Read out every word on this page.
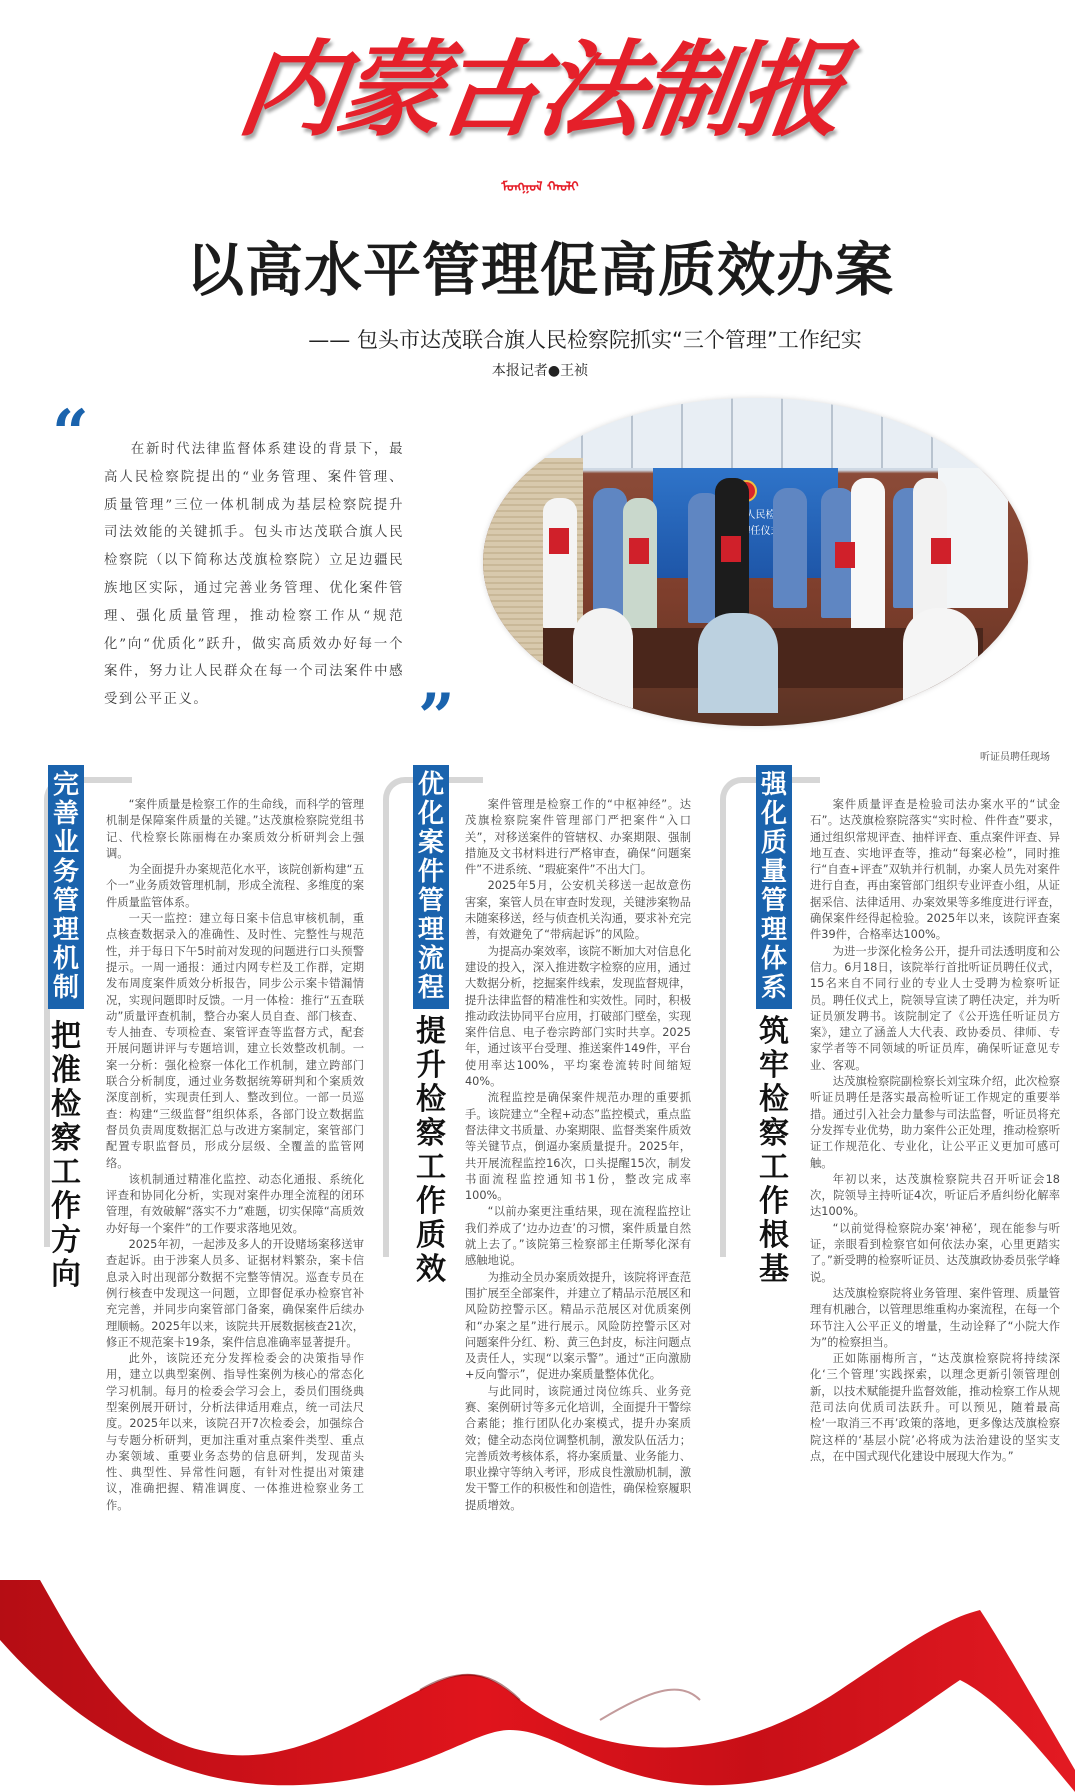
内蒙古法制报
ᠮᠣᠩᠭᠣᠯ ᠬᠠᠤᠯᠢ
以高水平管理促高质效办案
—— 包头市达茂联合旗人民检察院抓实“三个管理”工作纪实
本报记者●王祯
“	在新时代法律监督体系建设的背景下，最高人民检察院提出的“业务管理、案件管理、质量管理”三位一体机制成为基层检察院提升司法效能的关键抓手。包头市达茂联合旗人民检察院（以下简称达茂旗检察院）立足边疆民族地区实际，通过完善业务管理、优化案件管理、强化质量管理，推动检察工作从“规范化”向“优质化”跃升，做实高质效办好每一个案件，努力让人民群众在每一个司法案件中感受到公平正义。	”
听证员聘任现场
完善业务管理机制
把准检察工作方向

“案件质量是检察工作的生命线，而科学的管理机制是保障案件质量的关键。”达茂旗检察院党组书记、代检察长陈丽梅在办案质效分析研判会上强调。

为全面提升办案规范化水平，该院创新构建“五个一”业务质效管理机制，形成全流程、多维度的案件质量监管体系。

一天一监控：建立每日案卡信息审核机制，重点核查数据录入的准确性、及时性、完整性与规范性，并于每日下午5时前对发现的问题进行口头预警提示。一周一通报：通过内网专栏及工作群，定期发布周度案件质效分析报告，同步公示案卡错漏情况，实现问题即时反馈。一月一体检：推行“五查联动”质量评查机制，整合办案人员自查、部门核查、专人抽查、专项检查、案管评查等监督方式，配套开展问题讲评与专题培训，建立长效整改机制。一案一分析：强化检察一体化工作机制，建立跨部门联合分析制度，通过业务数据统筹研判和个案质效深度剖析，实现责任到人、整改到位。一部一员巡查：构建“三级监督”组织体系，各部门设立数据监督员负责周度数据汇总与改进方案制定，案管部门配置专职监督员，形成分层级、全覆盖的监管网络。

该机制通过精准化监控、动态化通报、系统化评查和协同化分析，实现对案件办理全流程的闭环管理，有效破解“落实不力”难题，切实保障“高质效办好每一个案件”的工作要求落地见效。

2025年初，一起涉及多人的开设赌场案移送审查起诉。由于涉案人员多、证据材料繁杂，案卡信息录入时出现部分数据不完整等情况。巡查专员在例行核查中发现这一问题，立即督促承办检察官补充完善，并同步向案管部门备案，确保案件后续办理顺畅。2025年以来，该院共开展数据核查21次，修正不规范案卡19条，案件信息准确率显著提升。

此外，该院还充分发挥检委会的决策指导作用，建立以典型案例、指导性案例为核心的常态化学习机制。每月的检委会学习会上，委员们围绕典型案例展开研讨，分析法律适用难点，统一司法尺度。2025年以来，该院召开7次检委会，加强综合与专题分析研判，更加注重对重点案件类型、重点办案领域、重要业务态势的信息研判，发现苗头性、典型性、异常性问题，有针对性提出对策建议，准确把握、精准调度、一体推进检察业务工作。

优化案件管理流程
提升检察工作质效

案件管理是检察工作的“中枢神经”。达茂旗检察院案件管理部门严把案件“入口关”，对移送案件的管辖权、办案期限、强制措施及文书材料进行严格审查，确保“问题案件”不进系统、“瑕疵案件”不出大门。

2025年5月，公安机关移送一起故意伤害案，案管人员在审查时发现，关键涉案物品未随案移送，经与侦查机关沟通，要求补充完善，有效避免了“带病起诉”的风险。

为提高办案效率，该院不断加大对信息化建设的投入，深入推进数字检察的应用，通过大数据分析，挖掘案件线索，发现监督规律，提升法律监督的精准性和实效性。同时，积极推动政法协同平台应用，打破部门壁垒，实现案件信息、电子卷宗跨部门实时共享。2025年，通过该平台受理、推送案件149件，平台使用率达100%，平均案卷流转时间缩短40%。

流程监控是确保案件规范办理的重要抓手。该院建立“全程+动态”监控模式，重点监督法律文书质量、办案期限、监督类案件质效等关键节点，倒逼办案质量提升。2025年，共开展流程监控16次，口头提醒15次，制发书面流程监控通知书1份，整改完成率100%。

“以前办案更注重结果，现在流程监控让我们养成了‘边办边查’的习惯，案件质量自然就上去了。”该院第三检察部主任斯琴化深有感触地说。

为推动全员办案质效提升，该院将评查范围扩展至全部案件，并建立了精品示范展区和风险防控警示区。精品示范展区对优质案例和“办案之星”进行展示。风险防控警示区对问题案件分红、粉、黄三色封皮，标注问题点及责任人，实现“以案示警”。通过“正向激励+反向警示”，促进办案质量整体优化。

与此同时，该院通过岗位练兵、业务竞赛、案例研讨等多元化培训，全面提升干警综合素能；推行团队化办案模式，提升办案质效；健全动态岗位调整机制，激发队伍活力；完善质效考核体系，将办案质量、业务能力、职业操守等纳入考评，形成良性激励机制，激发干警工作的积极性和创造性，确保检察履职提质增效。

强化质量管理体系
筑牢检察工作根基

案件质量评查是检验司法办案水平的“试金石”。达茂旗检察院落实“实时检、件件查”要求，通过组织常规评查、抽样评查、重点案件评查、异地互查、实地评查等，推动“每案必检”，同时推行“自查+评查”双轨并行机制，办案人员先对案件进行自查，再由案管部门组织专业评查小组，从证据采信、法律适用、办案效果等多维度进行评查，确保案件经得起检验。2025年以来，该院评查案件39件，合格率达100%。

为进一步深化检务公开，提升司法透明度和公信力。6月18日，该院举行首批听证员聘任仪式，15名来自不同行业的专业人士受聘为检察听证员。聘任仪式上，院领导宣读了聘任决定，并为听证员颁发聘书。该院制定了《公开选任听证员方案》，建立了涵盖人大代表、政协委员、律师、专家学者等不同领域的听证员库，确保听证意见专业、客观。

达茂旗检察院副检察长刘宝珠介绍，此次检察听证员聘任是落实最高检听证工作规定的重要举措。通过引入社会力量参与司法监督，听证员将充分发挥专业优势，助力案件公正处理，推动检察听证工作规范化、专业化，让公平正义更加可感可触。

年初以来，达茂旗检察院共召开听证会18次，院领导主持听证4次，听证后矛盾纠纷化解率达100%。

“以前觉得检察院办案‘神秘’，现在能参与听证，亲眼看到检察官如何依法办案，心里更踏实了。”新受聘的检察听证员、达茂旗政协委员张学峰说。

达茂旗检察院将业务管理、案件管理、质量管理有机融合，以管理思维重构办案流程，在每一个环节注入公平正义的增量，生动诠释了“小院大作为”的检察担当。

正如陈丽梅所言，“达茂旗检察院将持续深化‘三个管理’实践探索，以理念更新引领管理创新，以技术赋能提升监督效能，推动检察工作从规范司法向优质司法跃升。可以预见，随着最高检‘一取消三不再’政策的落地，更多像达茂旗检察院这样的‘基层小院’必将成为法治建设的坚实支点，在中国式现代化建设中展现大作为。”
